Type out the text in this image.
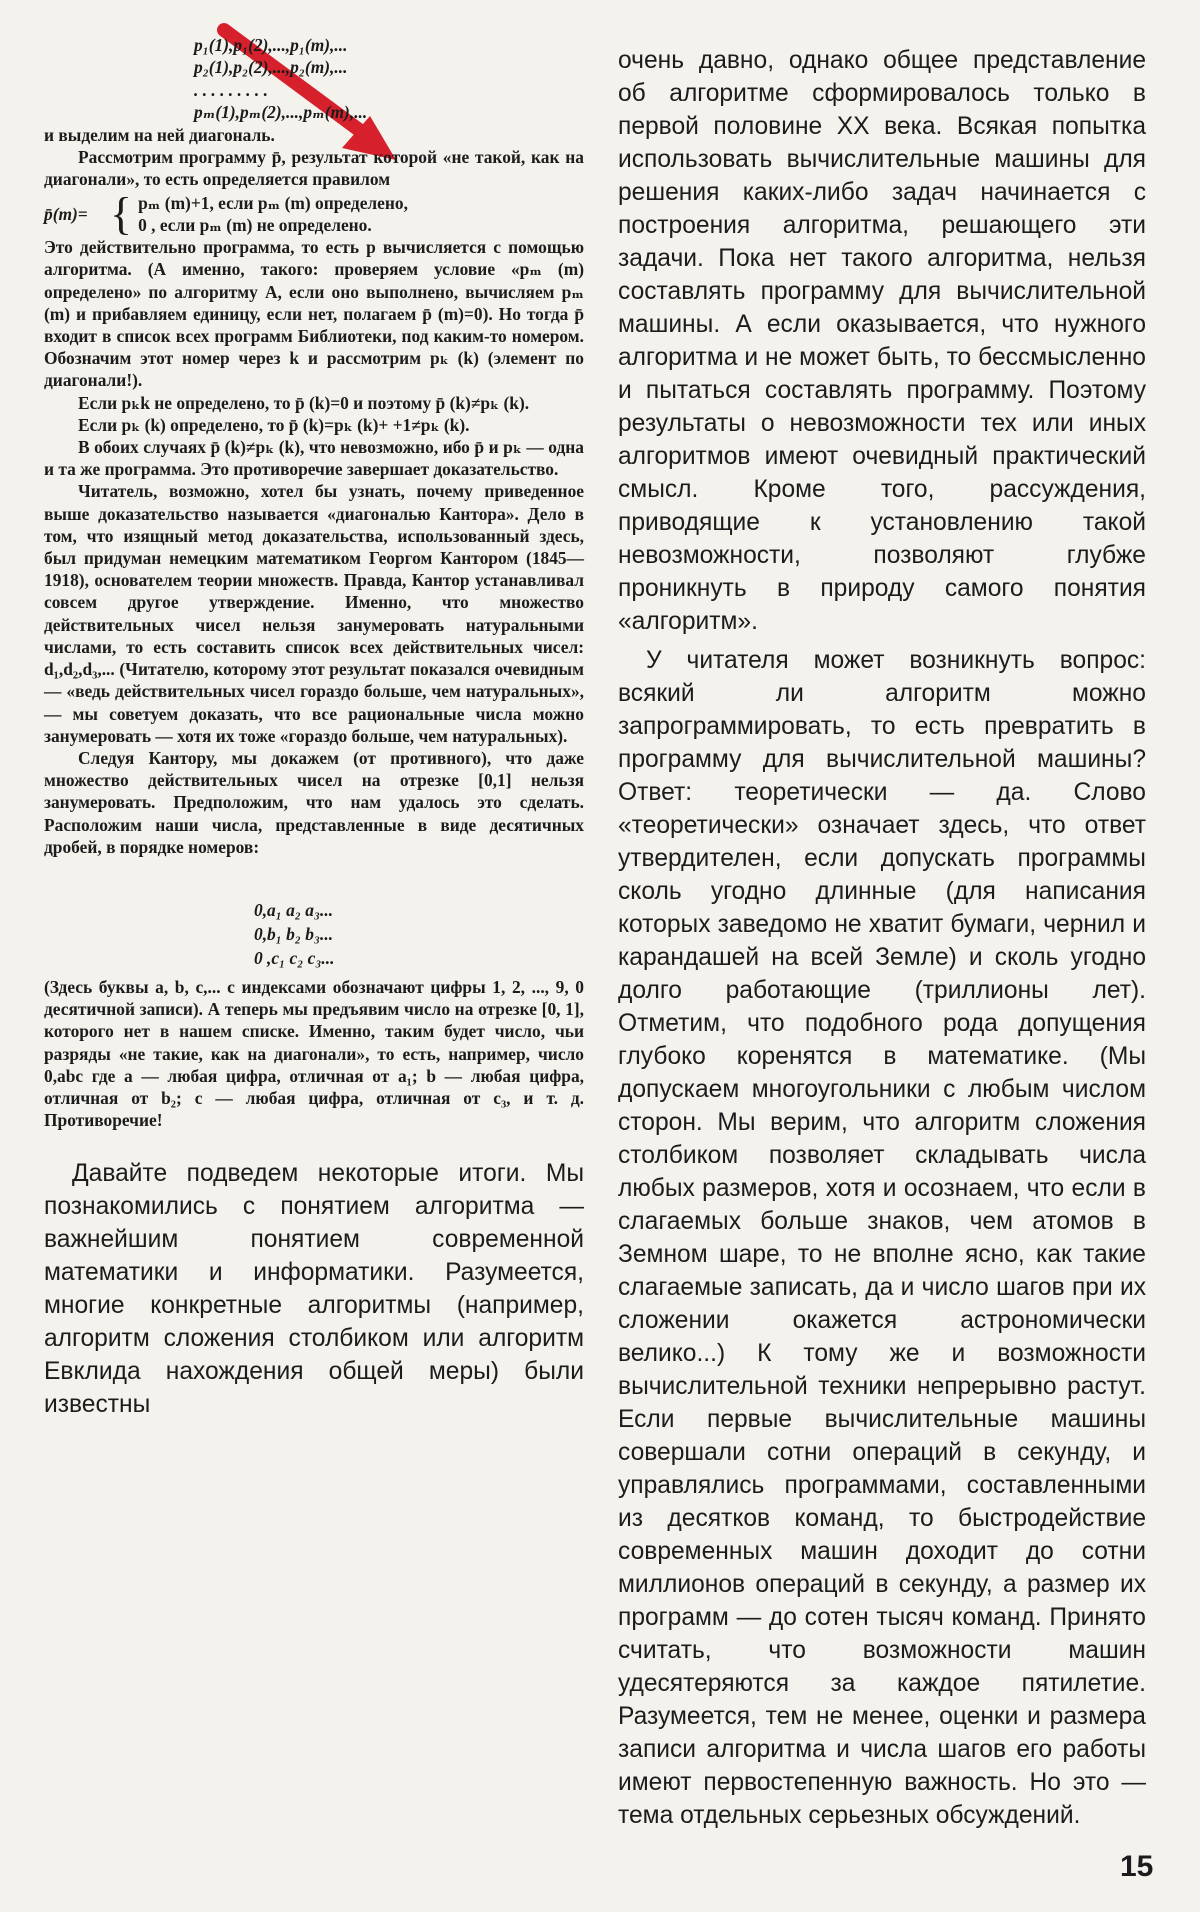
p₁(1),p₁(2),...,p₁(m),...
p₂(1),p₂(2),...,p₂(m),...
. . . . . . . . .
pₘ(1),pₘ(2),...,pₘ(m),...

и выделим на ней диагональ.

Рассмотрим программу p̄, результат которой «не такой, как на диагонали», то есть определяется правилом

p̄(m)= { pₘ (m)+1, если pₘ (m) определено,
0 , если pₘ (m) не определено.

Это действительно программа, то есть p вычисляется с помощью алгоритма. (А именно, такого: проверяем условие «pₘ (m) определено» по алгоритму A, если оно выполнено, вычисляем pₘ (m) и прибавляем единицу, если нет, полагаем p̄ (m)=0). Но тогда p̄ входит в список всех программ Библиотеки, под каким-то номером. Обозначим этот номер через k и рассмотрим pₖ (k) (элемент по диагонали!).

Если pₖk не определено, то p̄ (k)=0 и поэтому p̄ (k)≠pₖ (k).

Если pₖ (k) определено, то p̄ (k)=pₖ (k)+ +1≠pₖ (k).

В обоих случаях p̄ (k)≠pₖ (k), что невозможно, ибо p̄ и pₖ — одна и та же программа. Это противоречие завершает доказательство.

Читатель, возможно, хотел бы узнать, почему приведенное выше доказательство называется «диагональю Кантора». Дело в том, что изящный метод доказательства, использованный здесь, был придуман немецким математиком Георгом Кантором (1845—1918), основателем теории множеств. Правда, Кантор устанавливал совсем другое утверждение. Именно, что множество действительных чисел нельзя занумеровать натуральными числами, то есть составить список всех действительных чисел: d₁,d₂,d₃,... (Читателю, которому этот результат показался очевидным — «ведь действительных чисел гораздо больше, чем натуральных»,— мы советуем доказать, что все рациональные числа можно занумеровать — хотя их тоже «гораздо больше, чем натуральных).

Следуя Кантору, мы докажем (от противного), что даже множество действительных чисел на отрезке [0,1] нельзя занумеровать. Предположим, что нам удалось это сделать. Расположим наши числа, представленные в виде десятичных дробей, в порядке номеров:

0,a₁ a₂ a₃...
0,b₁ b₂ b₃...
0 ,c₁ c₂ c₃...

(Здесь буквы a, b, c,... с индексами обозначают цифры 1, 2, ..., 9, 0 десятичной записи). А теперь мы предъявим число на отрезке [0, 1], которого нет в нашем списке. Именно, таким будет число, чьи разряды «не такие, как на диагонали», то есть, например, число 0,abc где a — любая цифра, отличная от a₁; b — любая цифра, отличная от b₂; c — любая цифра, отличная от c₃, и т. д. Противоречие!

Давайте подведем некоторые итоги. Мы познакомились с понятием алгоритма — важнейшим понятием современной математики и информатики. Разумеется, многие конкретные алгоритмы (например, алгоритм сложения столбиком или алгоритм Евклида нахождения общей меры) были известны

очень давно, однако общее представление об алгоритме сформировалось только в первой половине XX века. Всякая попытка использовать вычислительные машины для решения каких-либо задач начинается с построения алгоритма, решающего эти задачи. Пока нет такого алгоритма, нельзя составлять программу для вычислительной машины. А если оказывается, что нужного алгоритма и не может быть, то бессмысленно и пытаться составлять программу. Поэтому результаты о невозможности тех или иных алгоритмов имеют очевидный практический смысл. Кроме того, рассуждения, приводящие к установлению такой невозможности, позволяют глубже проникнуть в природу самого понятия «алгоритм».

У читателя может возникнуть вопрос: всякий ли алгоритм можно запрограммировать, то есть превратить в программу для вычислительной машины? Ответ: теоретически — да. Слово «теоретически» означает здесь, что ответ утвердителен, если допускать программы сколь угодно длинные (для написания которых заведомо не хватит бумаги, чернил и карандашей на всей Земле) и сколь угодно долго работающие (триллионы лет). Отметим, что подобного рода допущения глубоко коренятся в математике. (Мы допускаем многоугольники с любым числом сторон. Мы верим, что алгоритм сложения столбиком позволяет складывать числа любых размеров, хотя и осознаем, что если в слагаемых больше знаков, чем атомов в Земном шаре, то не вполне ясно, как такие слагаемые записать, да и число шагов при их сложении окажется астрономически велико...) К тому же и возможности вычислительной техники непрерывно растут. Если первые вычислительные машины совершали сотни операций в секунду, и управлялись программами, составленными из десятков команд, то быстродействие современных машин доходит до сотни миллионов операций в секунду, а размер их программ — до сотен тысяч команд. Принято считать, что возможности машин удесятеряются за каждое пятилетие. Разумеется, тем не менее, оценки и размера записи алгоритма и числа шагов его работы имеют первостепенную важность. Но это — тема отдельных серьезных обсуждений.

15
